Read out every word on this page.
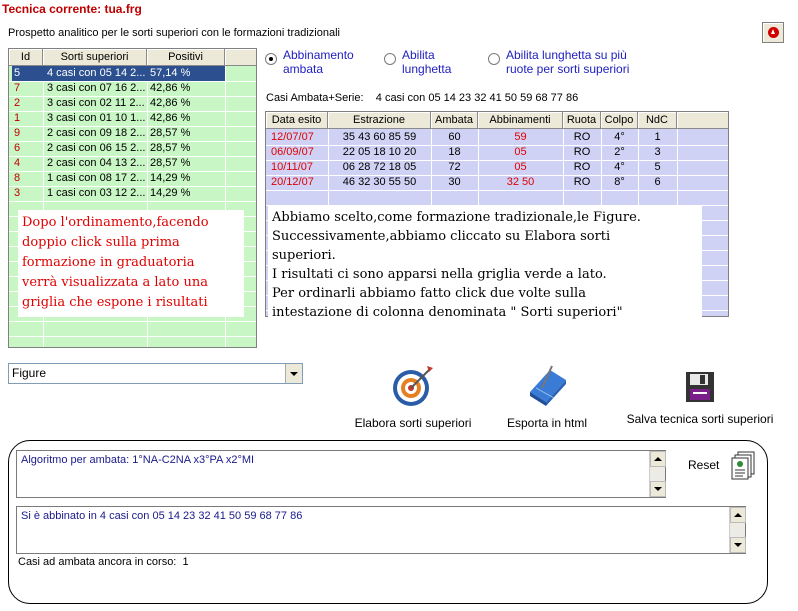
Tecnica corrente: tua.frg
Prospetto analitico per le sorti superiori con le formazioni tradizionali
Id	Sorti superiori	Positivi
5	4 casi con 05 14 2... 57,14 %
7	3 casi con 07 16 2... 42,86 %
2	3 casi con 02 11 2... 42,86 %
1	3 casi con 01 10 1... 42,86 %
9	2 casi con 09 18 2... 28,57 %
6	2 casi con 06 15 2... 28,57 %
4	2 casi con 04 13 2... 28,57 %
8	1 casi con 08 17 2... 14,29 %
3	1 casi con 03 12 2... 14,29 %
Dopo l'ordinamento,facendo
doppio click sulla prima
formazione in graduatoria
verrà visualizzata a lato una
griglia che espone i risultati
Abbinamento
ambata
Abilita
lunghetta
Abilita lunghetta su più
ruote per sorti superiori
Casi Ambata+Serie: 4 casi con 05 14 23 32 41 50 59 68 77 86
Data esito	Estrazione	Ambata	Abbinamenti	Ruota Colpo	NdC
12/07/07	35 43 60 85 59	60	59	RO	4°	1
06/09/07	22 05 18 10 20	18	05	RO	2°	3
10/11/07	06 28 72 18 05	72	05	RO	4°	5
20/12/07	46 32 30 55 50	30	32 50	RO	8°	6
Abbiamo scelto,come formazione tradizionale,le Figure.
Successivamente,abbiamo cliccato su Elabora sorti
superiori.
I risultati ci sono apparsi nella griglia verde a lato.
Per ordinarli abbiamo fatto click due volte sulla
intestazione di colonna denominata " Sorti superiori"
Figure
Elabora sorti superiori	Esporta in html	Salva tecnica sorti superiori
Algoritmo per ambata: 1°NA-C2NA x3°PA x2°MI	Reset
Si è abbinato in 4 casi con 05 14 23 32 41 50 59 68 77 86
Casi ad ambata ancora in corso:  1
